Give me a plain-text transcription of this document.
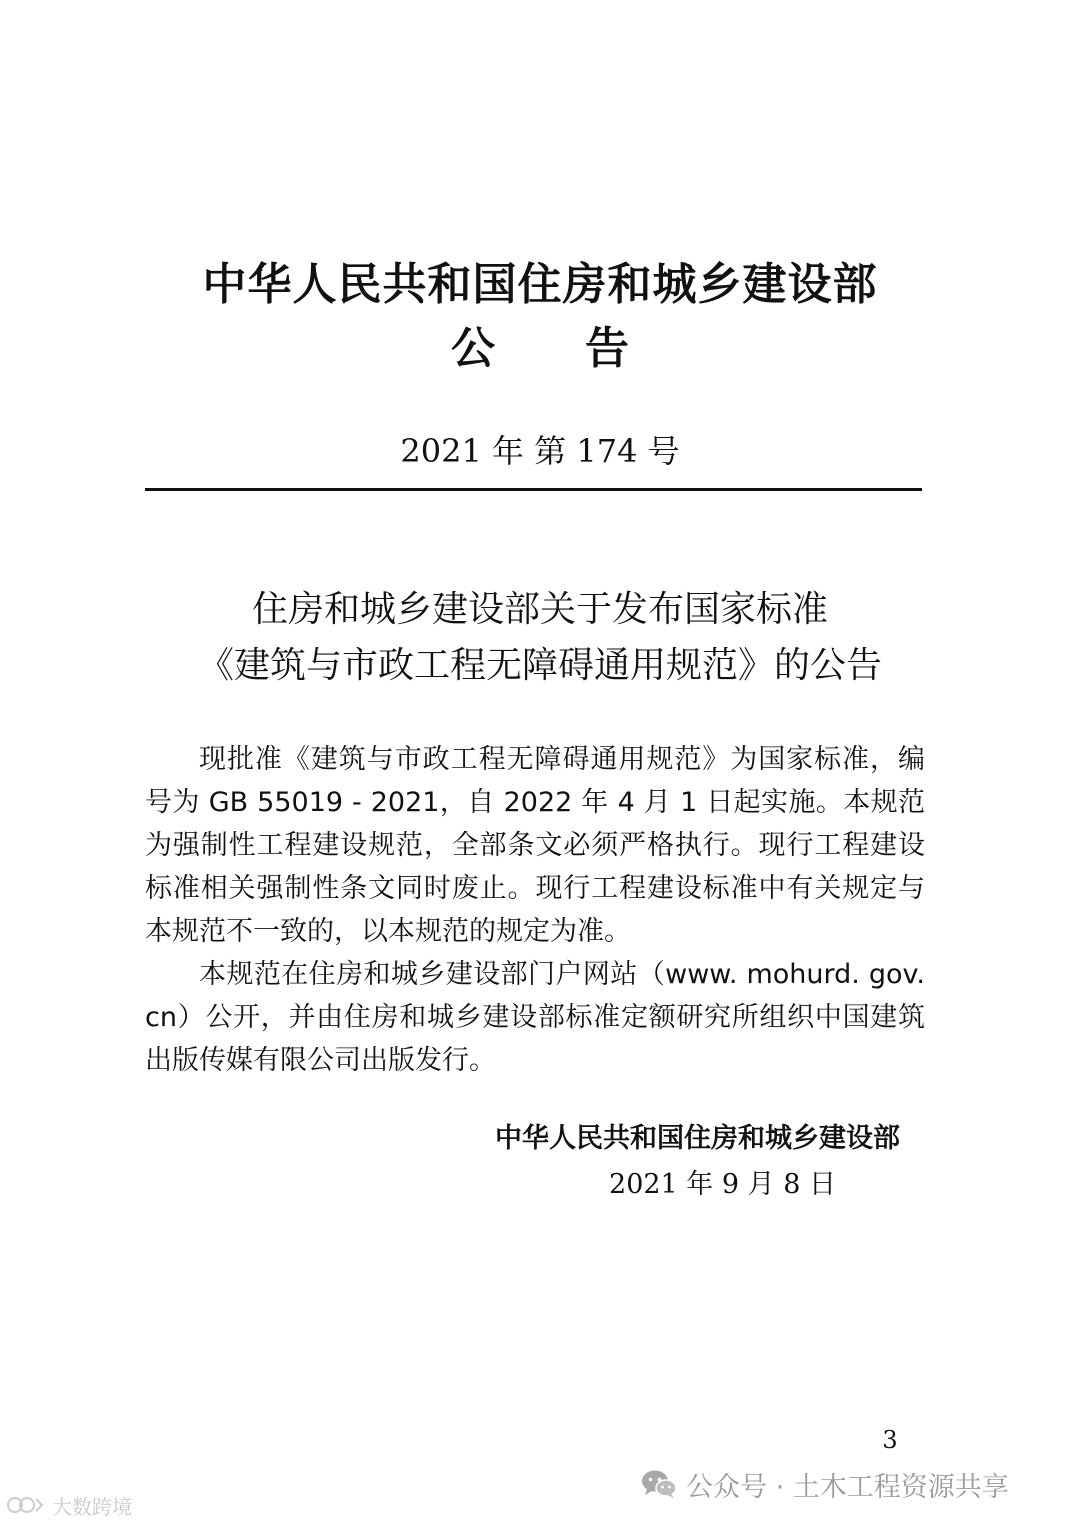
中华人民共和国住房和城乡建设部
公告
2021 年 第 174 号
住房和城乡建设部关于发布国家标准
《建筑与市政工程无障碍通用规范》的公告

现批准《建筑与市政工程无障碍通用规范》为国家标准，编号为 GB 55019 - 2021，自 2022 年 4 月 1 日起实施。本规范为强制性工程建设规范，全部条文必须严格执行。现行工程建设标准相关强制性条文同时废止。现行工程建设标准中有关规定与本规范不一致的，以本规范的规定为准。

本规范在住房和城乡建设部门户网站（www. mohurd. gov. cn）公开，并由住房和城乡建设部标准定额研究所组织中国建筑出版传媒有限公司出版发行。

中华人民共和国住房和城乡建设部
2021 年 9 月 8 日
3
公众号 · 土木工程资源共享
大数跨境
